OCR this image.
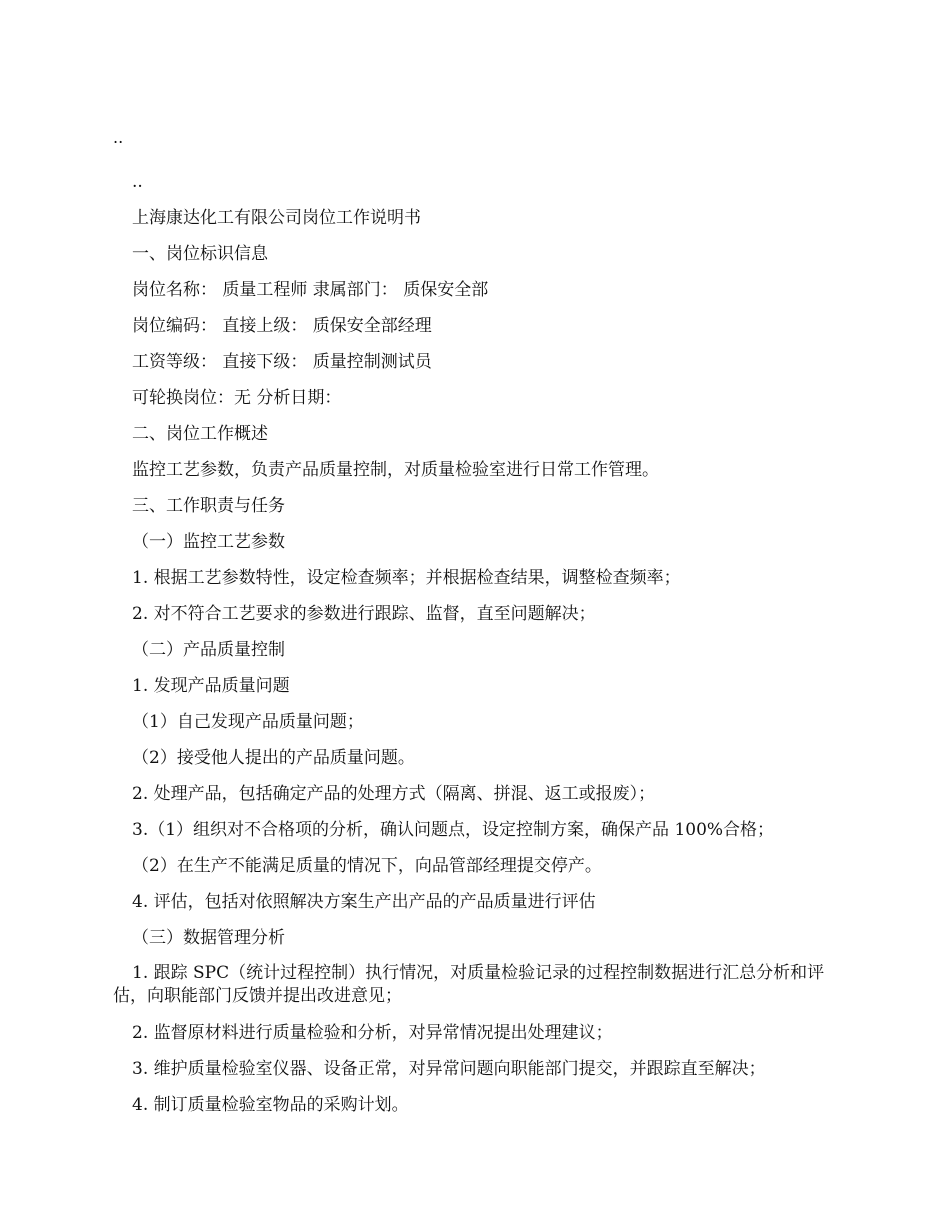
..
..
上海康达化工有限公司岗位工作说明书
一、岗位标识信息
岗位名称： 质量工程师 隶属部门： 质保安全部
岗位编码： 直接上级： 质保安全部经理
工资等级： 直接下级： 质量控制测试员
可轮换岗位：无 分析日期：
二、岗位工作概述
监控工艺参数，负责产品质量控制，对质量检验室进行日常工作管理。
三、工作职责与任务
（一）监控工艺参数
1. 根据工艺参数特性，设定检查频率；并根据检查结果，调整检查频率；
2. 对不符合工艺要求的参数进行跟踪、监督，直至问题解决；
（二）产品质量控制
1. 发现产品质量问题
（1）自己发现产品质量问题；
（2）接受他人提出的产品质量问题。
2. 处理产品，包括确定产品的处理方式（隔离、拼混、返工或报废）；
3.（1）组织对不合格项的分析，确认问题点，设定控制方案，确保产品 100%合格；
（2）在生产不能满足质量的情况下，向品管部经理提交停产。
4. 评估，包括对依照解决方案生产出产品的产品质量进行评估
（三）数据管理分析
1. 跟踪 SPC（统计过程控制）执行情况，对质量检验记录的过程控制数据进行汇总分析和评估，向职能部门反馈并提出改进意见；
2. 监督原材料进行质量检验和分析，对异常情况提出处理建议；
3. 维护质量检验室仪器、设备正常，对异常问题向职能部门提交，并跟踪直至解决；
4. 制订质量检验室物品的采购计划。
